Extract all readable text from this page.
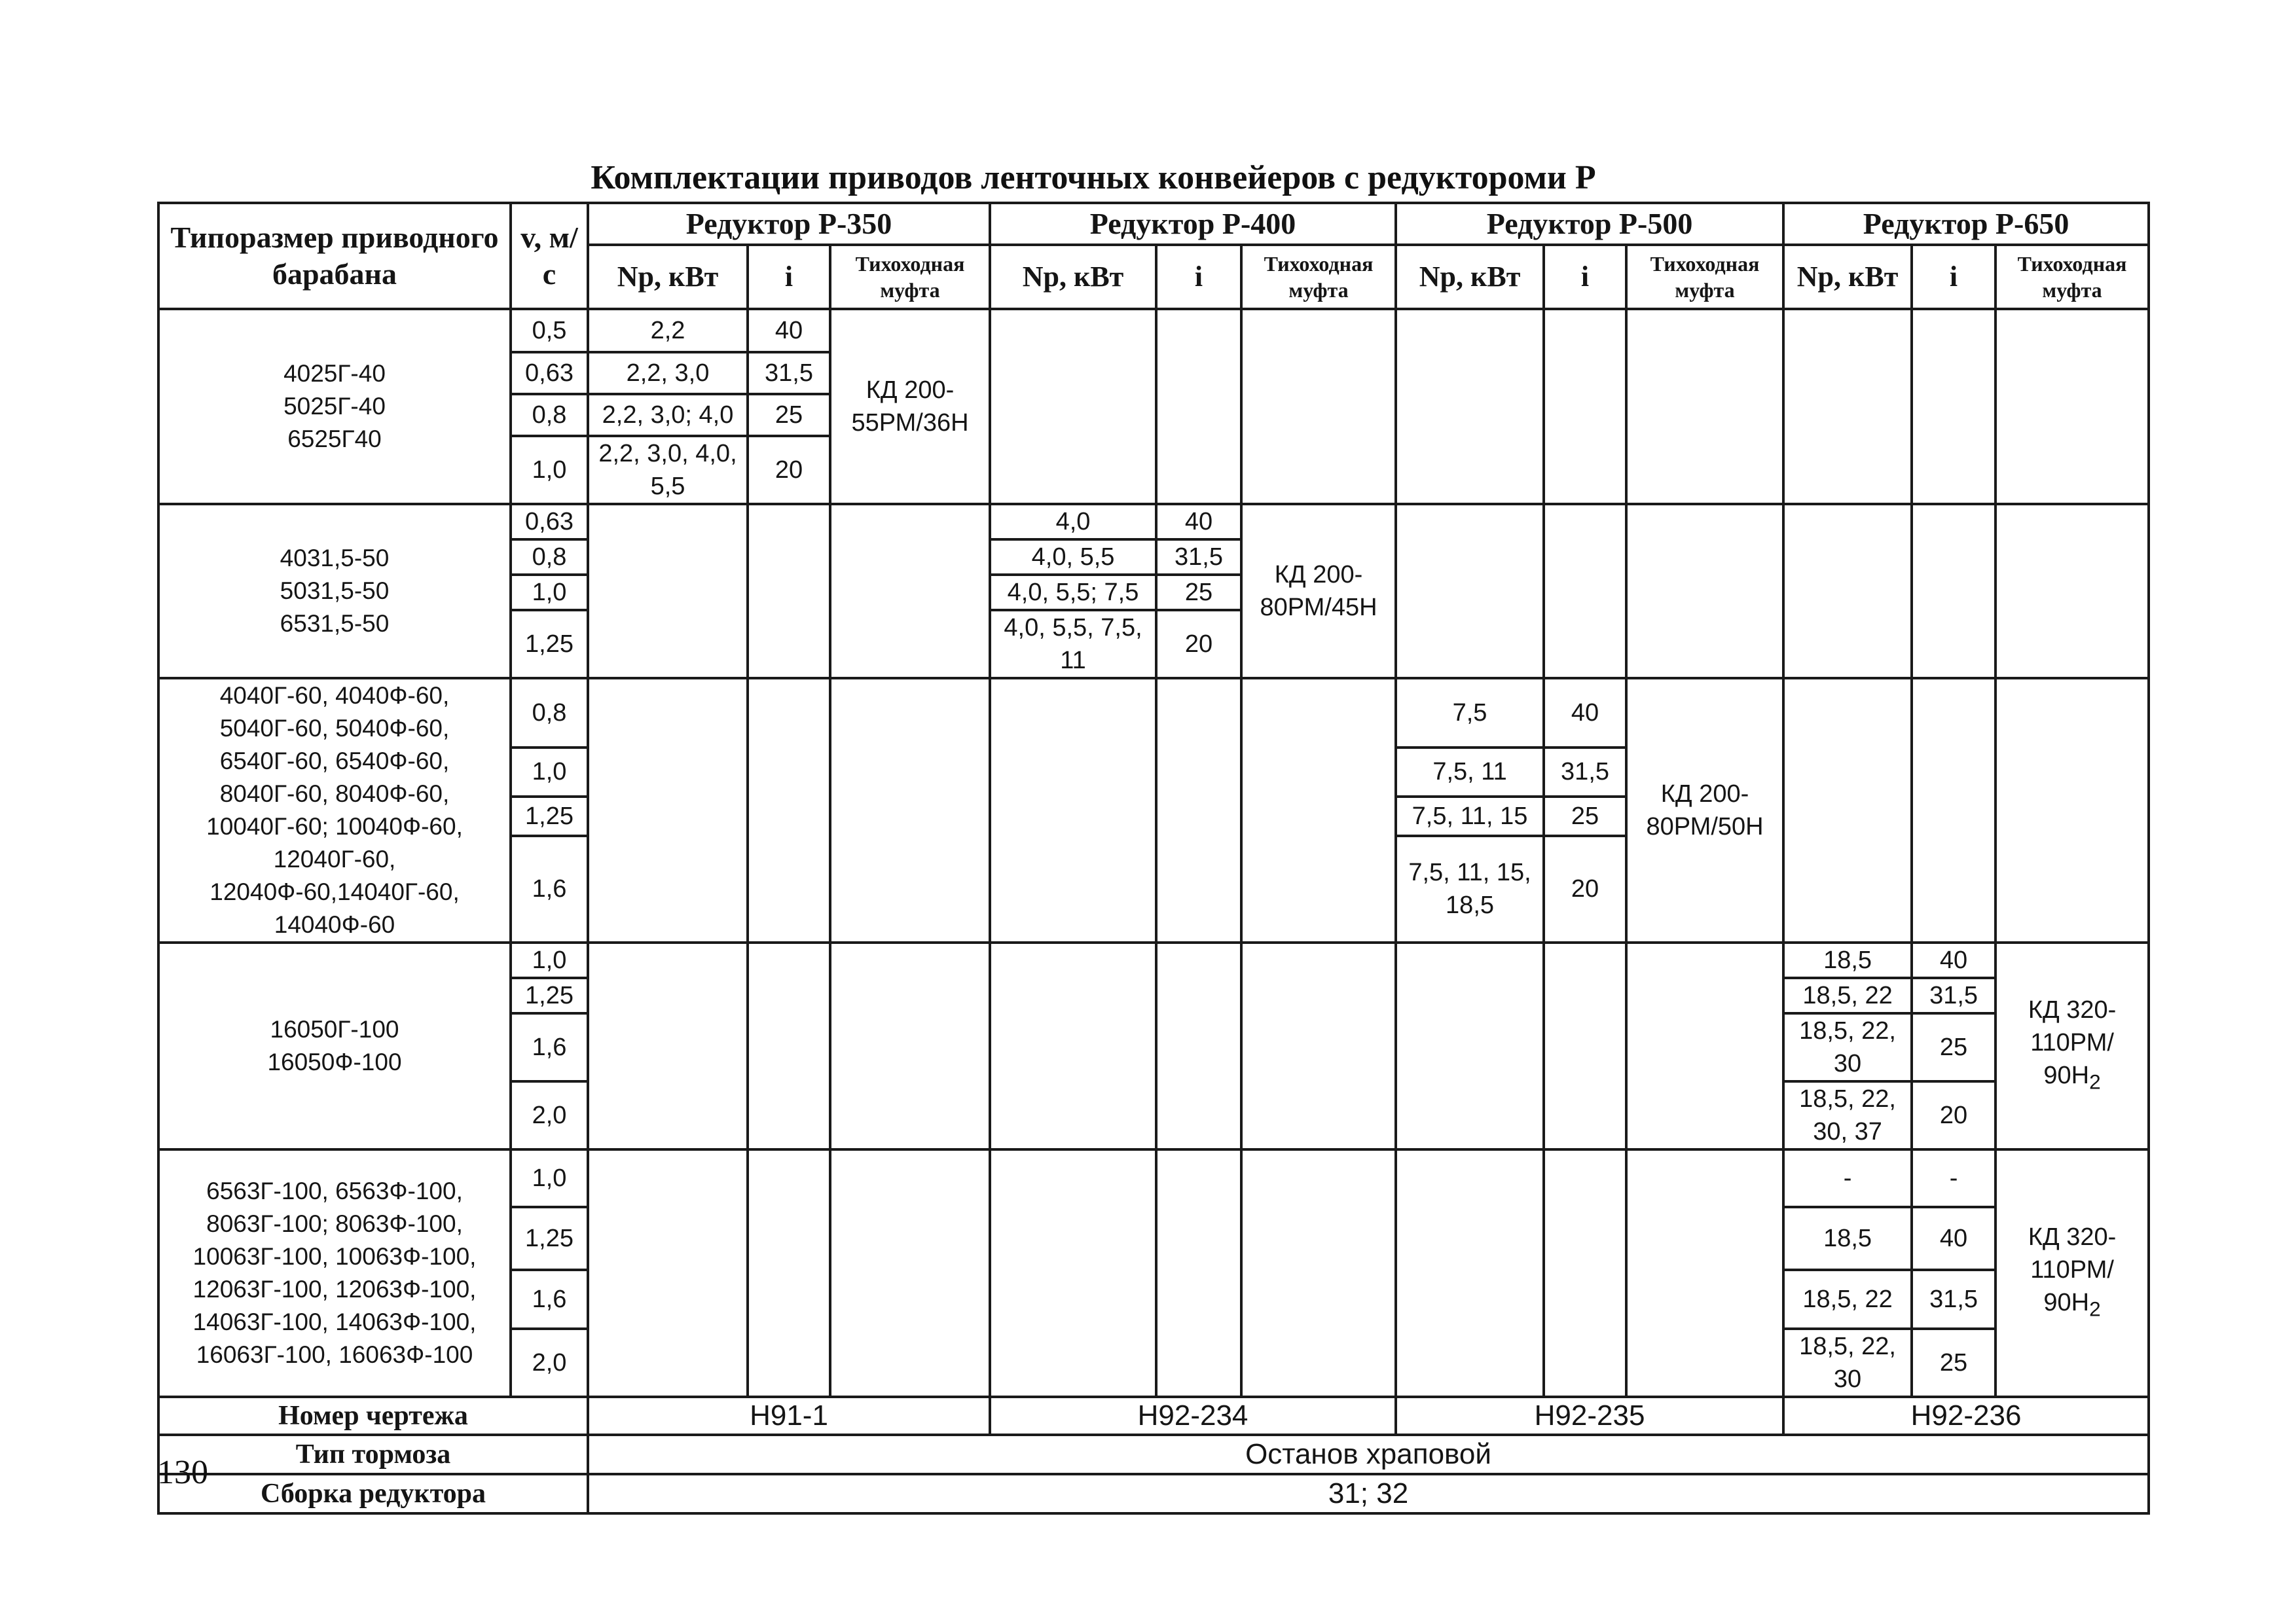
Комплектации приводов ленточных конвейеров с редуктороми Р
Типоразмер приводного барабана	v, м/с	Редуктор Р-350			Редуктор Р-400			Редуктор Р-500			Редуктор Р-650		
		Np, кВт	i	Тихоходная муфта	Np, кВт	i	Тихоходная муфта	Np, кВт	i	Тихоходная муфта	Np, кВт	i	Тихоходная муфта
4025Г-40
5025Г-40
6525Г40	0,5	2,2	40	КД 200-55РМ/36Н									
	0,63	2,2, 3,0	31,5										
	0,8	2,2, 3,0; 4,0	25										
	1,0	2,2, 3,0, 4,0, 5,5	20										
4031,5-50
5031,5-50
6531,5-50	0,63				4,0	40	КД 200-80РМ/45Н						
	0,8				4,0, 5,5	31,5							
	1,0				4,0, 5,5; 7,5	25							
	1,25				4,0, 5,5, 7,5, 11	20							
4040Г-60, 4040Ф-60, 5040Г-60, 5040Ф-60, 6540Г-60, 6540Ф-60, 8040Г-60, 8040Ф-60, 10040Г-60; 10040Ф-60, 12040Г-60, 12040Ф-60,14040Г-60, 14040Ф-60	0,8							7,5	40	КД 200-80РМ/50Н			
	1,0							7,5, 11	31,5				
	1,25							7,5, 11, 15	25				
	1,6							7,5, 11, 15, 18,5	20				
16050Г-100
16050Ф-100	1,0										18,5	40	КД 320-110РМ/ $90Н_2$
	1,25										18,5, 22	31,5	
	1,6										18,5, 22, 30	25	
	2,0										18,5, 22, 30, 37	20	
6563Г-100, 6563Ф-100, 8063Г-100; 8063Ф-100, 10063Г-100, 10063Ф-100, 12063Г-100, 12063Ф-100, 14063Г-100, 14063Ф-100, 16063Г-100, 16063Ф-100	1,0										-	-	КД 320-110РМ/ $90Н_2$
	1,25										18,5	40	
	1,6										18,5, 22	31,5	
	2,0										18,5, 22, 30	25	
Номер чертежа		Н91-1			Н92-234			Н92-235			Н92-236		
Тип тормоза		Останов храповой											
Сборка редуктора		31; 32											
130
